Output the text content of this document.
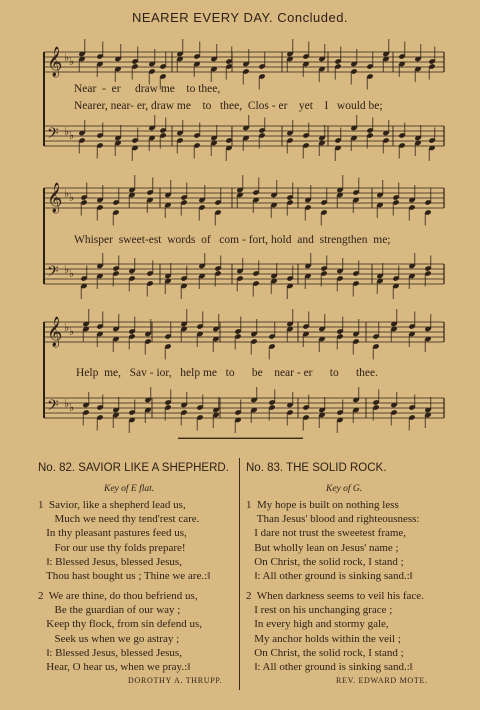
NEARER EVERY DAY. Concluded.
𝄞 ♭ ♭
𝄢 ♭ ♭
𝄞 ♭ ♭
𝄢 ♭ ♭
𝄞 ♭ ♭
𝄢 ♭ ♭
Near  -  er     draw me    to thee,
Nearer, near- er, draw me    to   thee,  Clos - er    yet    I   would be;
Whisper  sweet-est  words  of   com - fort, hold  and  strengthen  me;
Help  me,   Sav - ior,   help me   to      be    near - er      to      thee.
No. 82. SAVIOR LIKE A SHEPHERD.
Key of E flat.
1  Savior, like a shepherd lead us,
Much we need thy tend'rest care.
In thy pleasant pastures feed us,
For our use thy folds prepare!
‖: Blessed Jesus, blessed Jesus,
Thou hast bought us ; Thine we are.:‖
2  We are thine, do thou befriend us,
Be the guardian of our way ;
Keep thy flock, from sin defend us,
Seek us when we go astray ;
‖: Blessed Jesus, blessed Jesus,
Hear, O hear us, when we pray.:‖
DOROTHY A. THRUPP.
No. 83. THE SOLID ROCK.
Key of G.
1  My hope is built on nothing less
Than Jesus' blood and righteousness:
I dare not trust the sweetest frame,
But wholly lean on Jesus' name ;
On Christ, the solid rock, I stand ;
‖: All other ground is sinking sand.:‖
2  When darkness seems to veil his face.
I rest on his unchanging grace ;
In every high and stormy gale,
My anchor holds within the veil ;
On Christ, the solid rock, I stand ;
‖: All other ground is sinking sand.:‖
REV. EDWARD MOTE.
